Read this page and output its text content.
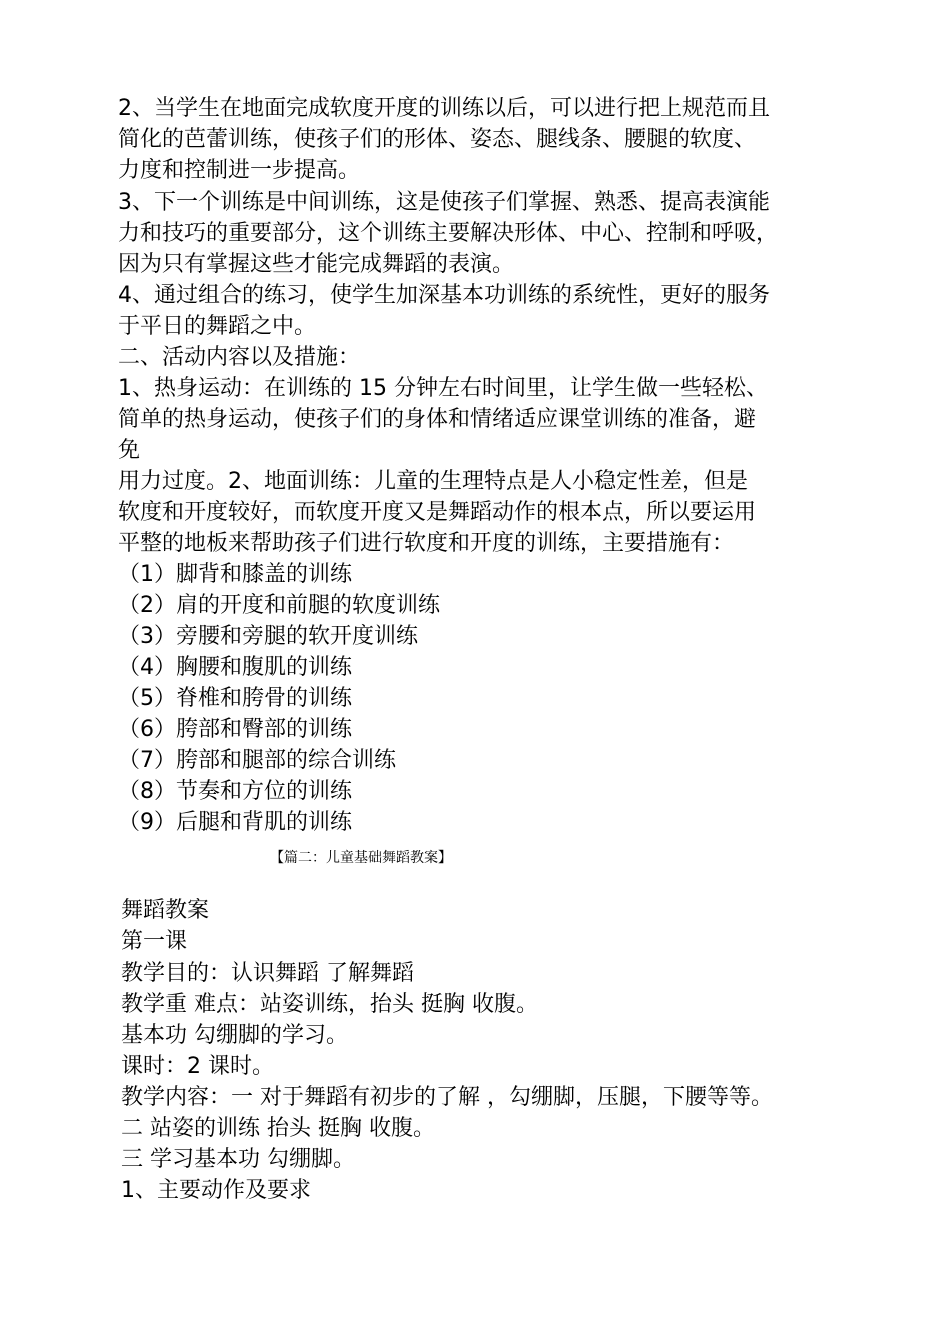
2、当学生在地面完成软度开度的训练以后，可以进行把上规范而且
简化的芭蕾训练，使孩子们的形体、姿态、腿线条、腰腿的软度、
力度和控制进一步提高。
3、下一个训练是中间训练，这是使孩子们掌握、熟悉、提高表演能
力和技巧的重要部分，这个训练主要解决形体、中心、控制和呼吸，
因为只有掌握这些才能完成舞蹈的表演。
4、通过组合的练习，使学生加深基本功训练的系统性，更好的服务
于平日的舞蹈之中。
二、活动内容以及措施：
1、热身运动：在训练的 15 分钟左右时间里，让学生做一些轻松、
简单的热身运动，使孩子们的身体和情绪适应课堂训练的准备，避
免
用力过度。2、地面训练：儿童的生理特点是人小稳定性差，但是
软度和开度较好，而软度开度又是舞蹈动作的根本点，所以要运用
平整的地板来帮助孩子们进行软度和开度的训练，主要措施有：
（1）脚背和膝盖的训练
（2）肩的开度和前腿的软度训练
（3）旁腰和旁腿的软开度训练
（4）胸腰和腹肌的训练
（5）脊椎和胯骨的训练
（6）胯部和臀部的训练
（7）胯部和腿部的综合训练
（8）节奏和方位的训练
（9）后腿和背肌的训练
【篇二：儿童基础舞蹈教案】
舞蹈教案
第一课
教学目的：认识舞蹈 了解舞蹈
教学重 难点：站姿训练，抬头 挺胸 收腹。
基本功 勾绷脚的学习。
课时：2 课时。
教学内容：一 对于舞蹈有初步的了解 ，勾绷脚，压腿，下腰等等。
二 站姿的训练 抬头 挺胸 收腹。
三 学习基本功 勾绷脚。
1、主要动作及要求
